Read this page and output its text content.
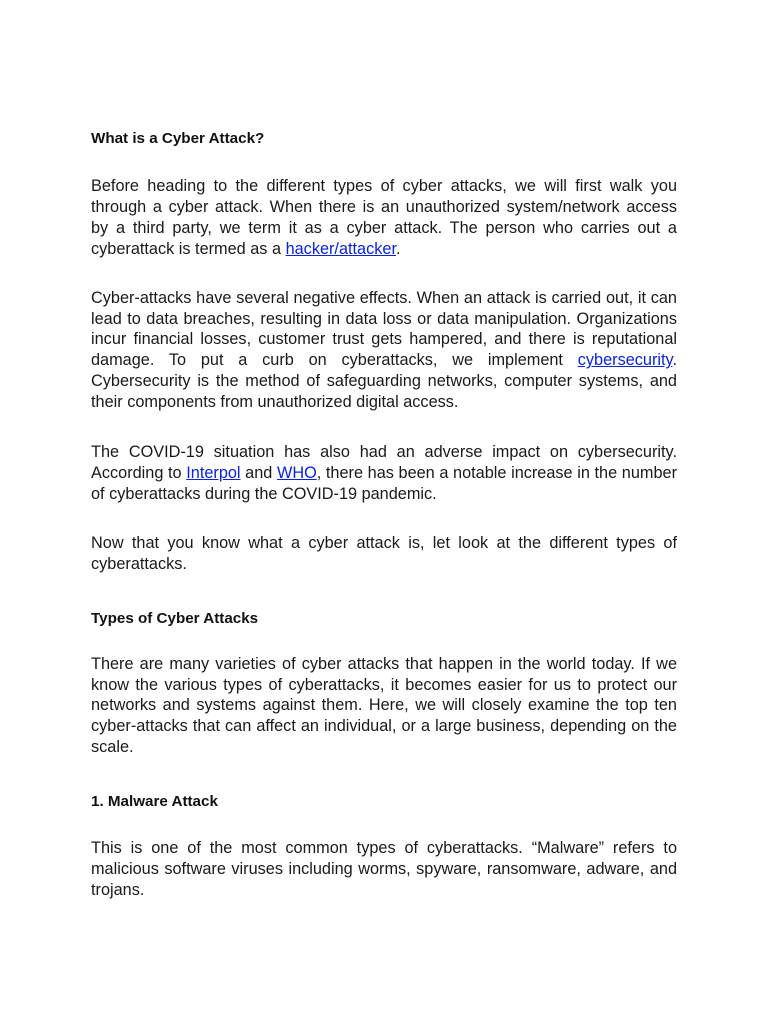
What is a Cyber Attack?

Before heading to the different types of cyber attacks, we will first walk you through a cyber attack. When there is an unauthorized system/network access by a third party, we term it as a cyber attack. The person who carries out a cyberattack is termed as a hacker/attacker.

Cyber-attacks have several negative effects. When an attack is carried out, it can lead to data breaches, resulting in data loss or data manipulation. Organizations incur financial losses, customer trust gets hampered, and there is reputational damage. To put a curb on cyberattacks, we implement cybersecurity. Cybersecurity is the method of safeguarding networks, computer systems, and their components from unauthorized digital access.

The COVID-19 situation has also had an adverse impact on cybersecurity. According to Interpol and WHO, there has been a notable increase in the number of cyberattacks during the COVID-19 pandemic.

Now that you know what a cyber attack is, let look at the different types of cyberattacks.

Types of Cyber Attacks

There are many varieties of cyber attacks that happen in the world today. If we know the various types of cyberattacks, it becomes easier for us to protect our networks and systems against them. Here, we will closely examine the top ten cyber-attacks that can affect an individual, or a large business, depending on the scale.

1. Malware Attack

This is one of the most common types of cyberattacks. “Malware” refers to malicious software viruses including worms, spyware, ransomware, adware, and trojans.
